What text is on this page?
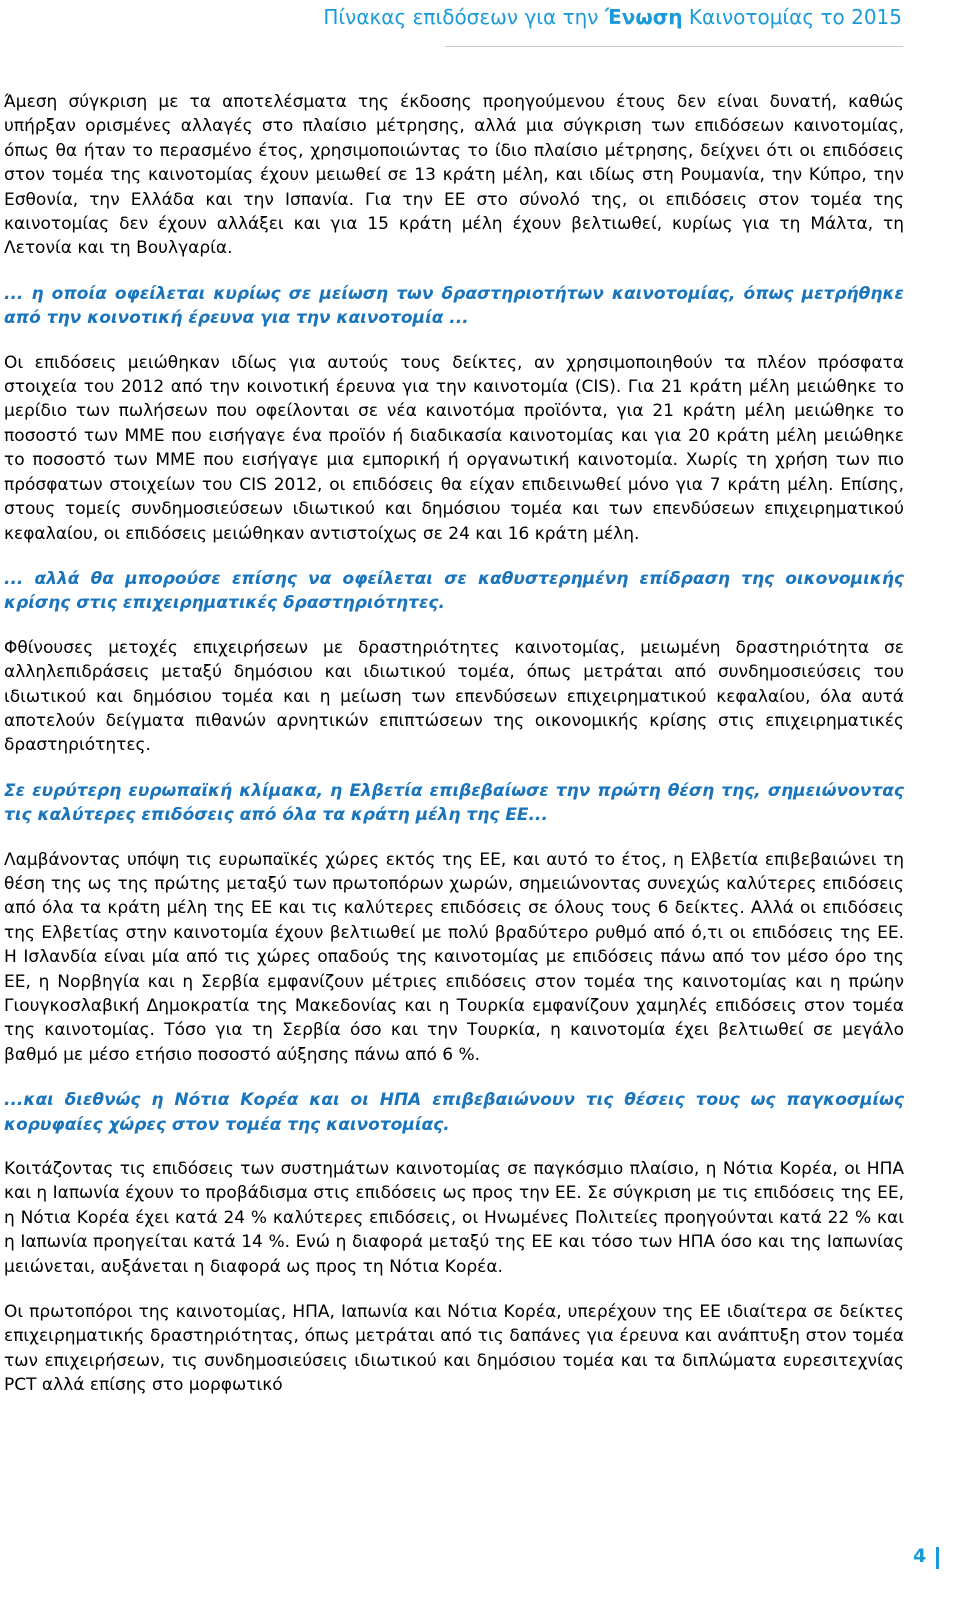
Πίνακας επιδόσεων για την Ένωση Καινοτομίας το 2015

Άμεση σύγκριση με τα αποτελέσματα της έκδοσης προηγούμενου έτους δεν είναι δυνατή, καθώς υπήρξαν ορισμένες αλλαγές στο πλαίσιο μέτρησης, αλλά μια σύγκριση των επιδόσεων καινοτομίας, όπως θα ήταν το περασμένο έτος, χρησιμοποιώντας το ίδιο πλαίσιο μέτρησης, δείχνει ότι οι επιδόσεις στον τομέα της καινοτομίας έχουν μειωθεί σε 13 κράτη μέλη, και ιδίως στη Ρουμανία, την Κύπρο, την Εσθονία, την Ελλάδα και την Ισπανία. Για την ΕΕ στο σύνολό της, οι επιδόσεις στον τομέα της καινοτομίας δεν έχουν αλλάξει και για 15 κράτη μέλη έχουν βελτιωθεί, κυρίως για τη Μάλτα, τη Λετονία και τη Βουλγαρία.

... η οποία οφείλεται κυρίως σε μείωση των δραστηριοτήτων καινοτομίας, όπως μετρήθηκε από την κοινοτική έρευνα για την καινοτομία ...

Οι επιδόσεις μειώθηκαν ιδίως για αυτούς τους δείκτες, αν χρησιμοποιηθούν τα πλέον πρόσφατα στοιχεία του 2012 από την κοινοτική έρευνα για την καινοτομία (CIS). Για 21 κράτη μέλη μειώθηκε το μερίδιο των πωλήσεων που οφείλονται σε νέα καινοτόμα προϊόντα, για 21 κράτη μέλη μειώθηκε το ποσοστό των ΜΜΕ που εισήγαγε ένα προϊόν ή διαδικασία καινοτομίας και για 20 κράτη μέλη μειώθηκε το ποσοστό των ΜΜΕ που εισήγαγε μια εμπορική ή οργανωτική καινοτομία. Χωρίς τη χρήση των πιο πρόσφατων στοιχείων του CIS 2012, οι επιδόσεις θα είχαν επιδεινωθεί μόνο για 7 κράτη μέλη. Επίσης, στους τομείς συνδημοσιεύσεων ιδιωτικού και δημόσιου τομέα και των επενδύσεων επιχειρηματικού κεφαλαίου, οι επιδόσεις μειώθηκαν αντιστοίχως σε 24 και 16 κράτη μέλη.

... αλλά θα μπορούσε επίσης να οφείλεται σε καθυστερημένη επίδραση της οικονομικής κρίσης στις επιχειρηματικές δραστηριότητες.

Φθίνουσες μετοχές επιχειρήσεων με δραστηριότητες καινοτομίας, μειωμένη δραστηριότητα σε αλληλεπιδράσεις μεταξύ δημόσιου και ιδιωτικού τομέα, όπως μετράται από συνδημοσιεύσεις του ιδιωτικού και δημόσιου τομέα και η μείωση των επενδύσεων επιχειρηματικού κεφαλαίου, όλα αυτά αποτελούν δείγματα πιθανών αρνητικών επιπτώσεων της οικονομικής κρίσης στις επιχειρηματικές δραστηριότητες.

Σε ευρύτερη ευρωπαϊκή κλίμακα, η Ελβετία επιβεβαίωσε την πρώτη θέση της, σημειώνοντας τις καλύτερες επιδόσεις από όλα τα κράτη μέλη της ΕΕ...

Λαμβάνοντας υπόψη τις ευρωπαϊκές χώρες εκτός της ΕΕ, και αυτό το έτος, η Ελβετία επιβεβαιώνει τη θέση της ως της πρώτης μεταξύ των πρωτοπόρων χωρών, σημειώνοντας συνεχώς καλύτερες επιδόσεις από όλα τα κράτη μέλη της ΕΕ και τις καλύτερες επιδόσεις σε όλους τους 6 δείκτες. Αλλά οι επιδόσεις της Ελβετίας στην καινοτομία έχουν βελτιωθεί με πολύ βραδύτερο ρυθμό από ό,τι οι επιδόσεις της ΕΕ. Η Ισλανδία είναι μία από τις χώρες οπαδούς της καινοτομίας με επιδόσεις πάνω από τον μέσο όρο της ΕΕ, η Νορβηγία και η Σερβία εμφανίζουν μέτριες επιδόσεις στον τομέα της καινοτομίας και η πρώην Γιουγκοσλαβική Δημοκρατία της Μακεδονίας και η Τουρκία εμφανίζουν χαμηλές επιδόσεις στον τομέα της καινοτομίας. Τόσο για τη Σερβία όσο και την Τουρκία, η καινοτομία έχει βελτιωθεί σε μεγάλο βαθμό με μέσο ετήσιο ποσοστό αύξησης πάνω από 6 %.

...και διεθνώς η Νότια Κορέα και οι ΗΠΑ επιβεβαιώνουν τις θέσεις τους ως παγκοσμίως κορυφαίες χώρες στον τομέα της καινοτομίας.

Κοιτάζοντας τις επιδόσεις των συστημάτων καινοτομίας σε παγκόσμιο πλαίσιο, η Νότια Κορέα, οι ΗΠΑ και η Ιαπωνία έχουν το προβάδισμα στις επιδόσεις ως προς την ΕΕ. Σε σύγκριση με τις επιδόσεις της ΕΕ, η Νότια Κορέα έχει κατά 24 % καλύτερες επιδόσεις, οι Ηνωμένες Πολιτείες προηγούνται κατά 22 % και η Ιαπωνία προηγείται κατά 14 %. Ενώ η διαφορά μεταξύ της ΕΕ και τόσο των ΗΠΑ όσο και της Ιαπωνίας μειώνεται, αυξάνεται η διαφορά ως προς τη Νότια Κορέα.

Οι πρωτοπόροι της καινοτομίας, ΗΠΑ, Ιαπωνία και Νότια Κορέα, υπερέχουν της ΕΕ ιδιαίτερα σε δείκτες επιχειρηματικής δραστηριότητας, όπως μετράται από τις δαπάνες για έρευνα και ανάπτυξη στον τομέα των επιχειρήσεων, τις συνδημοσιεύσεις ιδιωτικού και δημόσιου τομέα και τα διπλώματα ευρεσιτεχνίας PCT αλλά επίσης στο μορφωτικό

4
